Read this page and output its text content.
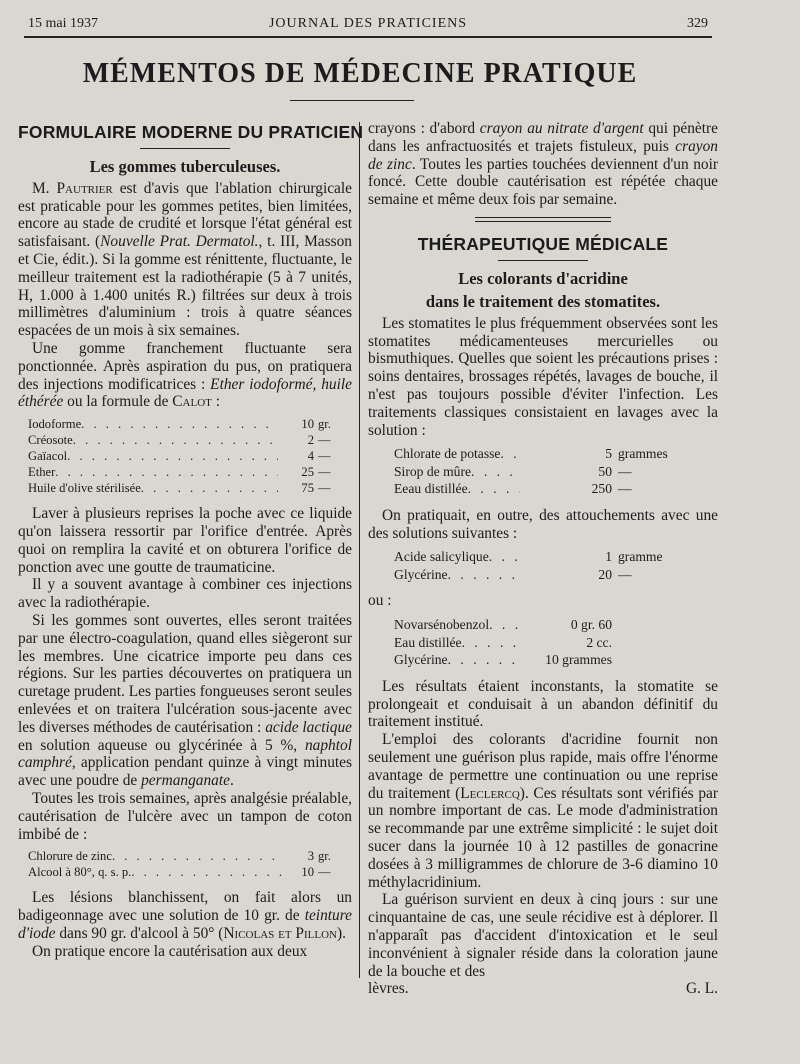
15 mai 1937	JOURNAL DES PRATICIENS	329
MÉMENTOS DE MÉDECINE PRATIQUE
FORMULAIRE MODERNE DU PRATICIEN
Les gommes tuberculeuses.

M. Pautrier est d'avis que l'ablation chirurgicale est praticable pour les gommes petites, bien limitées, encore au stade de crudité et lorsque l'état général est satisfaisant. (Nouvelle Prat. Dermatol., t. III, Masson et Cie, édit.). Si la gomme est rénittente, fluctuante, le meilleur traitement est la radiothérapie (5 à 7 unités, H, 1.000 à 1.400 unités R.) filtrées sur deux à trois millimètres d'aluminium : trois à quatre séances espacées de un mois à six semaines.

Une gomme franchement fluctuante sera ponctionnée. Après aspiration du pus, on pratiquera des injections modificatrices : Ether iodoformé, huile éthérée ou la formule de Calot :

Iodoforme . . .	10 gr.
Créosote . . .	2 —
Gaïacol . . .	4 —
Ether . . .	25 —
Huile d'olive stérilisée . . .	75 —

Laver à plusieurs reprises la poche avec ce liquide qu'on laissera ressortir par l'orifice d'entrée. Après quoi on remplira la cavité et on obturera l'orifice de ponction avec une goutte de traumaticine.

Il y a souvent avantage à combiner ces injections avec la radiothérapie.

Si les gommes sont ouvertes, elles seront traitées par une électro-coagulation, quand elles siègeront sur les membres. Une cicatrice importe peu dans ces régions. Sur les parties découvertes on pratiquera un curetage prudent. Les parties fongueuses seront seules enlevées et on traitera l'ulcération sous-jacente avec les diverses méthodes de cautérisation : acide lactique en solution aqueuse ou glycérinée à 5 %, naphtol camphré, application pendant quinze à vingt minutes avec une poudre de permanganate.

Toutes les trois semaines, après analgésie préalable, cautérisation de l'ulcère avec un tampon de coton imbibé de :

Chlorure de zinc . . .	3 gr.
Alcool à 80°, q. s. p. . . .	10 —

Les lésions blanchissent, on fait alors un badigeonnage avec une solution de 10 gr. de teinture d'iode dans 90 gr. d'alcool à 50° (Nicolas et Pillon).

On pratique encore la cautérisation aux deux

crayons : d'abord crayon au nitrate d'argent qui pénètre dans les anfractuosités et trajets fistuleux, puis crayon de zinc. Toutes les parties touchées deviennent d'un noir foncé. Cette double cautérisation est répétée chaque semaine et même deux fois par semaine.

THÉRAPEUTIQUE MÉDICALE
Les colorants d'acridine
dans le traitement des stomatites.

Les stomatites le plus fréquemment observées sont les stomatites médicamenteuses mercurielles ou bismuthiques. Quelles que soient les précautions prises : soins dentaires, brossages répétés, lavages de bouche, il n'est pas toujours possible d'éviter l'infection. Les traitements classiques consistaient en lavages avec la solution :

Chlorate de potasse . . .	5 grammes
Sirop de mûre . . .	50 —
Eeau distillée . . .	250 —

On pratiquait, en outre, des attouchements avec une des solutions suivantes :

Acide salicylique . . .	1 gramme
Glycérine . . .	20 —

ou :

Novarsénobenzol . . .	0 gr. 60
Eau distillée . . .	2 cc.
Glycérine . . .	10 grammes

Les résultats étaient inconstants, la stomatite se prolongeait et conduisait à un abandon définitif du traitement institué.

L'emploi des colorants d'acridine fournit non seulement une guérison plus rapide, mais offre l'énorme avantage de permettre une continuation ou une reprise du traitement (Leclercq). Ces résultats sont vérifiés par un nombre important de cas. Le mode d'administration se recommande par une extrême simplicité : le sujet doit sucer dans la journée 10 à 12 pastilles de gonacrine dosées à 3 milligrammes de chlorure de 3-6 diamino 10 méthylacridinium.

La guérison survient en deux à cinq jours : sur une cinquantaine de cas, une seule récidive est à déplorer. Il n'apparaît pas d'accident d'intoxication et le seul inconvénient à signaler réside dans la coloration jaune de la bouche et des

lèvres.	G. L.
